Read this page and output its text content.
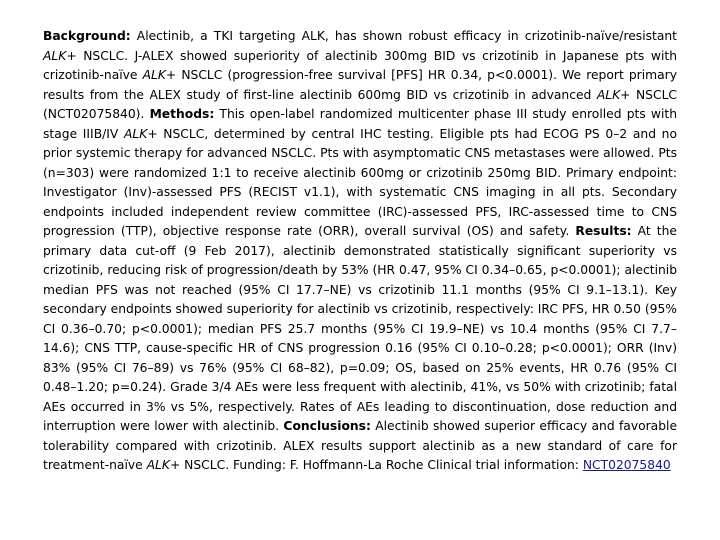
Background: Alectinib, a TKI targeting ALK, has shown robust efficacy in crizotinib-naïve/resistant ALK+ NSCLC. J-ALEX showed superiority of alectinib 300mg BID vs crizotinib in Japanese pts with crizotinib-naïve ALK+ NSCLC (progression-free survival [PFS] HR 0.34, p<0.0001). We report primary results from the ALEX study of first-line alectinib 600mg BID vs crizotinib in advanced ALK+ NSCLC (NCT02075840). Methods: This open-label randomized multicenter phase III study enrolled pts with stage IIIB/IV ALK+ NSCLC, determined by central IHC testing. Eligible pts had ECOG PS 0–2 and no prior systemic therapy for advanced NSCLC. Pts with asymptomatic CNS metastases were allowed. Pts (n=303) were randomized 1:1 to receive alectinib 600mg or crizotinib 250mg BID. Primary endpoint: Investigator (Inv)-assessed PFS (RECIST v1.1), with systematic CNS imaging in all pts. Secondary endpoints included independent review committee (IRC)-assessed PFS, IRC-assessed time to CNS progression (TTP), objective response rate (ORR), overall survival (OS) and safety. Results: At the primary data cut-off (9 Feb 2017), alectinib demonstrated statistically significant superiority vs crizotinib, reducing risk of progression/death by 53% (HR 0.47, 95% CI 0.34–0.65, p<0.0001); alectinib median PFS was not reached (95% CI 17.7–NE) vs crizotinib 11.1 months (95% CI 9.1–13.1). Key secondary endpoints showed superiority for alectinib vs crizotinib, respectively: IRC PFS, HR 0.50 (95% CI 0.36–0.70; p<0.0001); median PFS 25.7 months (95% CI 19.9–NE) vs 10.4 months (95% CI 7.7–14.6); CNS TTP, cause-specific HR of CNS progression 0.16 (95% CI 0.10–0.28; p<0.0001); ORR (Inv) 83% (95% CI 76–89) vs 76% (95% CI 68–82), p=0.09; OS, based on 25% events, HR 0.76 (95% CI 0.48–1.20; p=0.24). Grade 3/4 AEs were less frequent with alectinib, 41%, vs 50% with crizotinib; fatal AEs occurred in 3% vs 5%, respectively. Rates of AEs leading to discontinuation, dose reduction and interruption were lower with alectinib. Conclusions: Alectinib showed superior efficacy and favorable tolerability compared with crizotinib. ALEX results support alectinib as a new standard of care for treatment-naïve ALK+ NSCLC. Funding: F. Hoffmann-La Roche Clinical trial information: NCT02075840
